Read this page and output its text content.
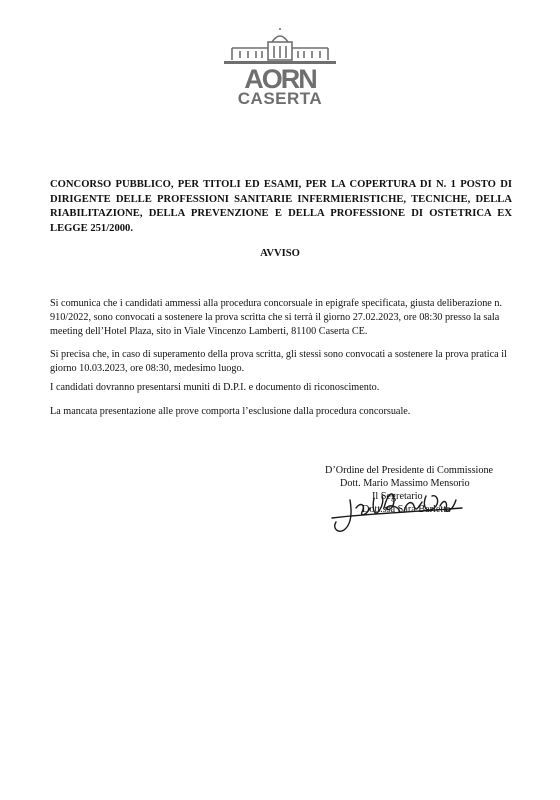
AORN
CASERTA
CONCORSO PUBBLICO, PER TITOLI ED ESAMI, PER LA COPERTURA DI N. 1 POSTO DI DIRIGENTE DELLE PROFESSIONI SANITARIE INFERMIERISTICHE, TECNICHE, DELLA RIABILITAZIONE, DELLA PREVENZIONE E DELLA PROFESSIONE DI OSTETRICA EX LEGGE 251/2000.
AVVISO
Si comunica che i candidati ammessi alla procedura concorsuale in epigrafe specificata, giusta deliberazione n. 910/2022, sono convocati a sostenere la prova scritta che si terrà il giorno 27.02.2023, ore 08:30 presso la sala meeting dell’Hotel Plaza, sito in Viale Vincenzo Lamberti, 81100 Caserta CE.
Si precisa che, in caso di superamento della prova scritta, gli stessi sono convocati a sostenere la prova pratica il giorno 10.03.2023, ore 08:30, medesimo luogo.
I candidati dovranno presentarsi muniti di D.P.I. e documento di riconoscimento.
La mancata presentazione alle prove comporta l’esclusione dalla procedura concorsuale.
D’Ordine del Presidente di Commissione
Dott. Mario Massimo Mensorio
Il Segretario
Dott.ssa Sara Barletta
